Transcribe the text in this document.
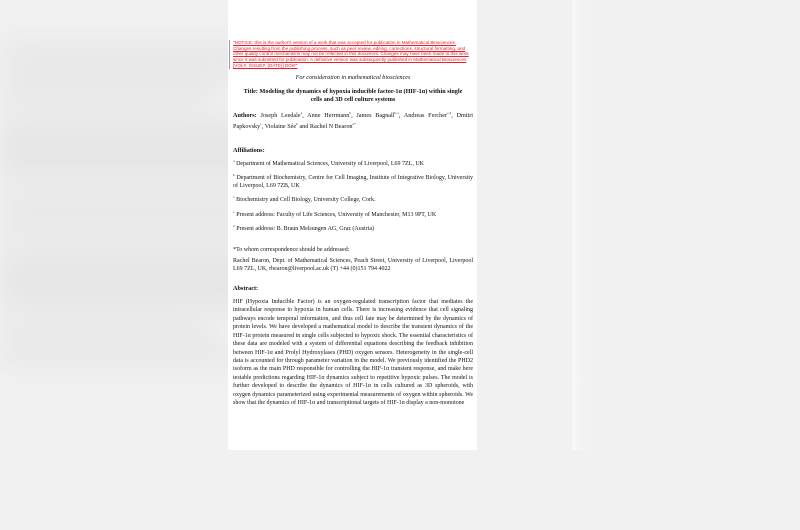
"NOTICE: this is the author's version of a work that was accepted for publication in Mathematical Biosciences. Changes resulting from the publishing process, such as peer review, editing, corrections, structural formatting, and other quality control mechanisms may not be reflected in this document. Changes may have been made to this work since it was submitted for publication. A definitive version was subsequently published in Mathematical Biosciences [VOL#, ISSUE#, (DATE)] DOI#"
For consideration in mathematical biosciences
Title: Modeling the dynamics of hypoxia inducible factor-1α (HIF-1α) within single cells and 3D cell culture systems
Authors: Joseph Leedale$^a$, Anne Herrmann$^b$, James Bagnall$^{b,1}$, Andreas Fercher$^{c,2}$, Dmitri Papkovsky$^c$, Violaine Sée$^b$ and Rachel N Bearon$^{a*}$
Affiliations:
$^a$ Department of Mathematical Sciences, University of Liverpool, L69 7ZL, UK
$^b$ Department of Biochemistry, Centre for Cell Imaging, Institute of Integrative Biology, University of Liverpool, L69 7ZB, UK
$^c$ Biochemistry and Cell Biology, University College, Cork.
$^1$ Present address: Faculty of Life Sciences, University of Manchester, M13 9PT, UK
$^2$ Present address: B. Braun Melsungen AG, Graz (Austria)
*To whom correspondence should be addressed:
Rachel Bearon, Dept. of Mathematical Sciences, Peach Street, University of Liverpool, Liverpool L69 7ZL, UK, rbearon@liverpool.ac.uk (T) +44 (0)151 794 4022
Abstract:
HIF (Hypoxia Inducible Factor) is an oxygen-regulated transcription factor that mediates the intracellular response to hypoxia in human cells. There is increasing evidence that cell signaling pathways encode temporal information, and thus cell fate may be determined by the dynamics of protein levels. We have developed a mathematical model to describe the transient dynamics of the HIF-1α protein measured in single cells subjected to hypoxic shock. The essential characteristics of these data are modeled with a system of differential equations describing the feedback inhibition between HIF-1α and Prolyl Hydroxylases (PHD) oxygen sensors. Heterogeneity in the single-cell data is accounted for through parameter variation in the model. We previously identified the PHD2 isoform as the main PHD responsible for controlling the HIF-1α transient response, and make here testable predictions regarding HIF-1α dynamics subject to repetitive hypoxic pulses. The model is further developed to describe the dynamics of HIF-1α in cells cultured as 3D spheroids, with oxygen dynamics parameterized using experimental measurements of oxygen within spheroids. We show that the dynamics of HIF-1α and transcriptional targets of HIF-1α display a non-monotone
